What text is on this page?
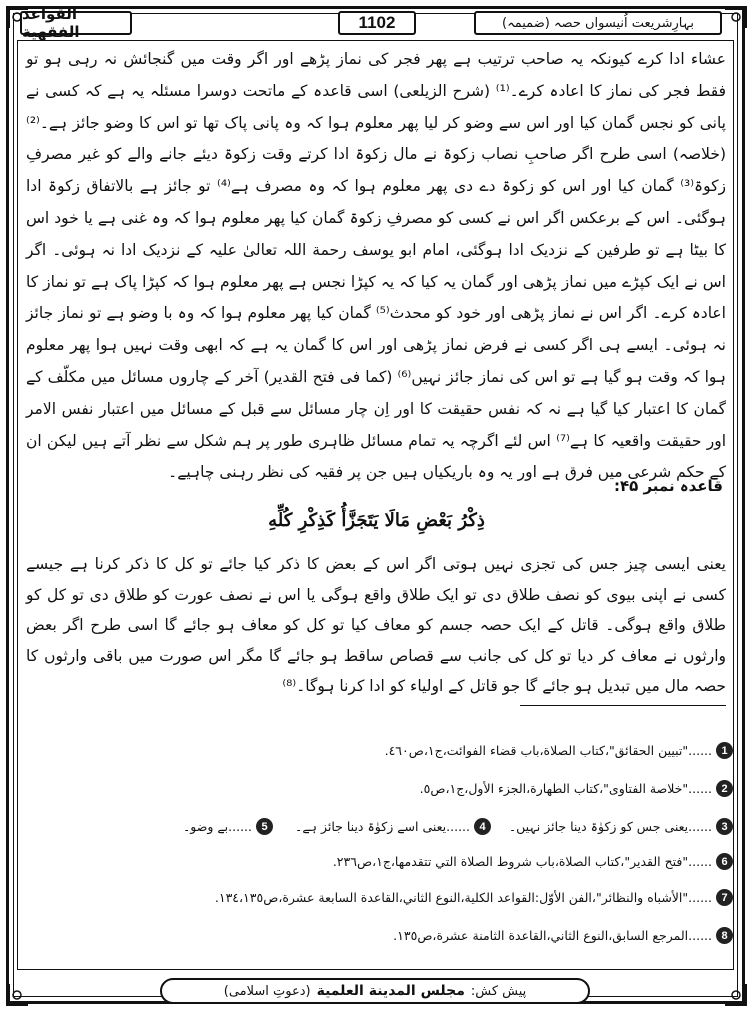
القواعد الفقهية	1102	بہارِشریعت اُنیسواں حصہ (ضمیمہ)

عشاء ادا کرے کیونکہ یہ صاحب ترتیب ہے پھر فجر کی نماز پڑھے اور اگر وقت میں گنجائش نہ رہی ہو تو فقط فجر کی نماز کا اعادہ کرے۔⁽¹⁾ (شرح الزیلعی) اسی قاعدہ کے ماتحت دوسرا مسئلہ یہ ہے کہ کسی نے پانی کو نجس گمان کیا اور اس سے وضو کر لیا پھر معلوم ہوا کہ وہ پانی پاک تھا تو اس کا وضو جائز ہے۔⁽²⁾ (خلاصہ) اسی طرح اگر صاحبِ نصاب زکوۃ نے مال زکوۃ ادا کرتے وقت زکوۃ دیئے جانے والے کو غیر مصرفِ زکوۃ⁽³⁾ گمان کیا اور اس کو زکوۃ دے دی پھر معلوم ہوا کہ وہ مصرف ہے⁽⁴⁾ تو جائز ہے بالاتفاق زکوۃ ادا ہوگئی۔ اس کے برعکس اگر اس نے کسی کو مصرفِ زکوۃ گمان کیا پھر معلوم ہوا کہ وہ غنی ہے یا خود اس کا بیٹا ہے تو طرفین کے نزدیک ادا ہوگئی، امام ابو یوسف رحمة اللہ تعالیٰ علیہ کے نزدیک ادا نہ ہوئی۔ اگر اس نے ایک کپڑے میں نماز پڑھی اور گمان یہ کیا کہ یہ کپڑا نجس ہے پھر معلوم ہوا کہ کپڑا پاک ہے تو نماز کا اعادہ کرے۔ اگر اس نے نماز پڑھی اور خود کو محدث⁽⁵⁾ گمان کیا پھر معلوم ہوا کہ وہ با وضو ہے تو نماز جائز نہ ہوئی۔ ایسے ہی اگر کسی نے فرض نماز پڑھی اور اس کا گمان یہ ہے کہ ابھی وقت نہیں ہوا پھر معلوم ہوا کہ وقت ہو گیا ہے تو اس کی نماز جائز نہیں⁽⁶⁾ (کما فی فتح القدیر) آخر کے چاروں مسائل میں مکلّف کے گمان کا اعتبار کیا گیا ہے نہ کہ نفس حقیقت کا اور اِن چار مسائل سے قبل کے مسائل میں اعتبار نفس الامر اور حقیقت واقعیہ کا ہے⁽⁷⁾ اس لئے اگرچہ یہ تمام مسائل ظاہری طور پر ہم شکل سے نظر آتے ہیں لیکن ان کے حکم شرعی میں فرق ہے اور یہ وہ باریکیاں ہیں جن پر فقیہ کی نظر رہنی چاہیے۔

قاعدہ نمبر ۴۵:
ذِكْرُ بَعْضِ مَالَا يَتَجَزَّأُ كَذِكْرِ كُلِّهِ
یعنی ایسی چیز جس کی تجزی نہیں ہوتی اگر اس کے بعض کا ذکر کیا جائے تو کل کا ذکر کرنا ہے جیسے کسی نے اپنی بیوی کو نصف طلاق دی تو ایک طلاق واقع ہوگی یا اس نے نصف عورت کو طلاق دی تو کل کو طلاق واقع ہوگی۔ قاتل کے ایک حصہ جسم کو معاف کیا تو کل کو معاف ہو جائے گا اسی طرح اگر بعض وارثوں نے معاف کر دیا تو کل کی جانب سے قصاص ساقط ہو جائے گا مگر اس صورت میں باقی وارثوں کا حصہ مال میں تبدیل ہو جائے گا جو قاتل کے اولیاء کو ادا کرنا ہوگا۔⁽⁸⁾
1
......"تبيين الحقائق"،كتاب الصلاة،باب قضاء الفوائت،ج١،ص٤٦٠.
2
......"خلاصة الفتاوى"،كتاب الطهارة،الجزء الأول،ج١،ص٥.
3
......یعنی جس کو زکوٰۃ دینا جائز نہیں۔
4
......یعنی اسے زکوٰۃ دینا جائز ہے۔
5
......بے وضو۔
6
......"فتح القدير"،كتاب الصلاة،باب شروط الصلاة التي تتقدمها،ج١،ص٢٣٦.
7
......"الأشباه والنظائر"،الفن الأوّل:القواعد الكلية،النوع الثاني،القاعدة السابعة عشرة،ص١٣٤،١٣٥.
8
......المرجع السابق،النوع الثاني،القاعدة الثامنة عشرة،ص١٣٥.
پیش کش:
مجلس المدينة العلمية
(دعوتِ اسلامی)
